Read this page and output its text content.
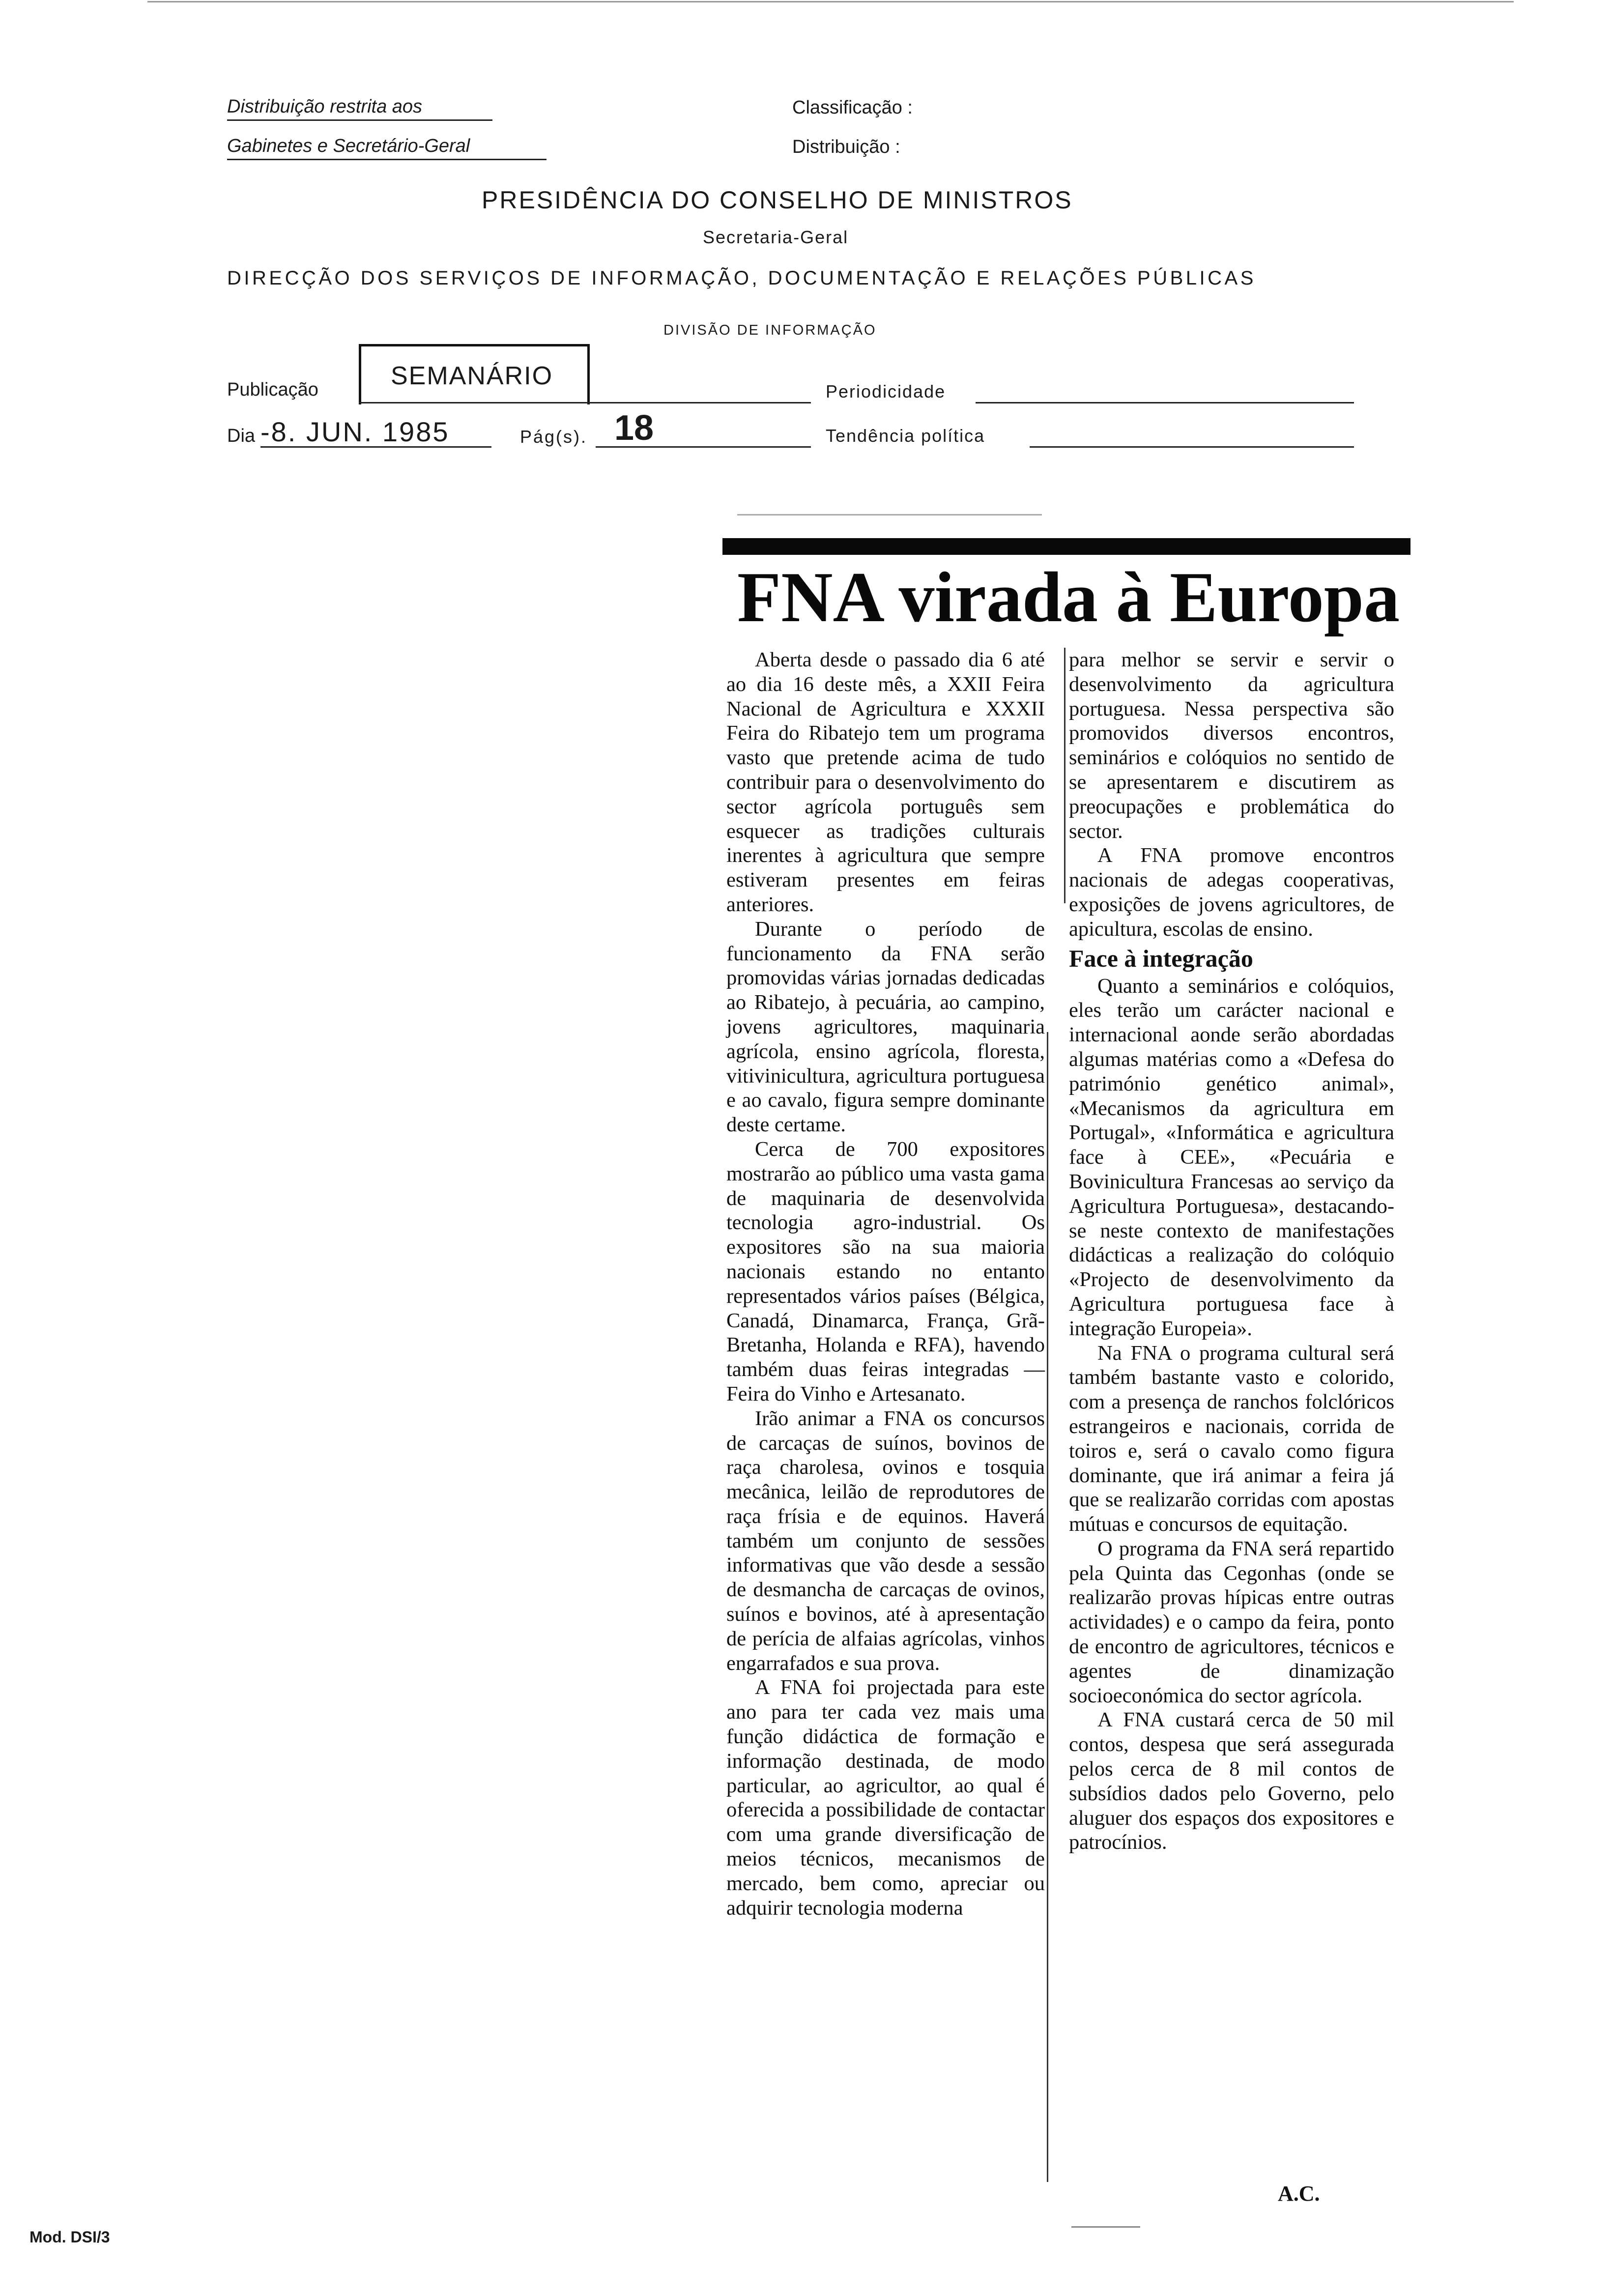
Distribuição restrita aos
Gabinetes e Secretário-Geral
Classificação :
Distribuição :
PRESIDÊNCIA DO CONSELHO DE MINISTROS
Secretaria-Geral
DIRECÇÃO DOS SERVIÇOS DE INFORMAÇÃO, DOCUMENTAÇÃO E RELAÇÕES PÚBLICAS
DIVISÃO DE INFORMAÇÃO
Publicação	SEMANÁRIO
Periodicidade
Dia -8. JUN. 1985	Pág(s). 18	Tendência política
FNA virada à Europa

Aberta desde o passado dia 6 até ao dia 16 deste mês, a XXII Feira Nacional de Agricultura e XXXII Feira do Ribatejo tem um programa vasto que pretende acima de tudo contribuir para o desenvolvimento do sector agrícola português sem esquecer as tradições culturais inerentes à agricultura que sempre estiveram presentes em feiras anteriores.

Durante o período de funcionamento da FNA serão promovidas várias jornadas dedicadas ao Ribatejo, à pecuária, ao campino, jovens agricultores, maquinaria agrícola, ensino agrícola, floresta, vitivinicultura, agricultura portuguesa e ao cavalo, figura sempre dominante deste certame.

Cerca de 700 expositores mostrarão ao público uma vasta gama de maquinaria de desenvolvida tecnologia agro-industrial. Os expositores são na sua maioria nacionais estando no entanto representados vários países (Bélgica, Canadá, Dinamarca, França, Grã-Bretanha, Holanda e RFA), havendo também duas feiras integradas — Feira do Vinho e Artesanato.

Irão animar a FNA os concursos de carcaças de suínos, bovinos de raça charolesa, ovinos e tosquia mecânica, leilão de reprodutores de raça frísia e de equinos. Haverá também um conjunto de sessões informativas que vão desde a sessão de desmancha de carcaças de ovinos, suínos e bovinos, até à apresentação de perícia de alfaias agrícolas, vinhos engarrafados e sua prova.

A FNA foi projectada para este ano para ter cada vez mais uma função didáctica de formação e informação destinada, de modo particular, ao agricultor, ao qual é oferecida a possibilidade de contactar com uma grande diversificação de meios técnicos, mecanismos de mercado, bem como, apreciar ou adquirir tecnologia moderna

para melhor se servir e servir o desenvolvimento da agricultura portuguesa. Nessa perspectiva são promovidos diversos encontros, seminários e colóquios no sentido de se apresentarem e discutirem as preocupações e problemática do sector.

A FNA promove encontros nacionais de adegas cooperativas, exposições de jovens agricultores, de apicultura, escolas de ensino.

Face à integração

Quanto a seminários e colóquios, eles terão um carácter nacional e internacional aonde serão abordadas algumas matérias como a «Defesa do património genético animal», «Mecanismos da agricultura em Portugal», «Informática e agricultura face à CEE», «Pecuária e Bovinicultura Francesas ao serviço da Agricultura Portuguesa», destacando-se neste contexto de manifestações didácticas a realização do colóquio «Projecto de desenvolvimento da Agricultura portuguesa face à integração Europeia».

Na FNA o programa cultural será também bastante vasto e colorido, com a presença de ranchos folclóricos estrangeiros e nacionais, corrida de toiros e, será o cavalo como figura dominante, que irá animar a feira já que se realizarão corridas com apostas mútuas e concursos de equitação.

O programa da FNA será repartido pela Quinta das Cegonhas (onde se realizarão provas hípicas entre outras actividades) e o campo da feira, ponto de encontro de agricultores, técnicos e agentes de dinamização socioeconómica do sector agrícola.

A FNA custará cerca de 50 mil contos, despesa que será assegurada pelos cerca de 8 mil contos de subsídios dados pelo Governo, pelo aluguer dos espaços dos expositores e patrocínios.

A.C.
Mod. DSI/3
